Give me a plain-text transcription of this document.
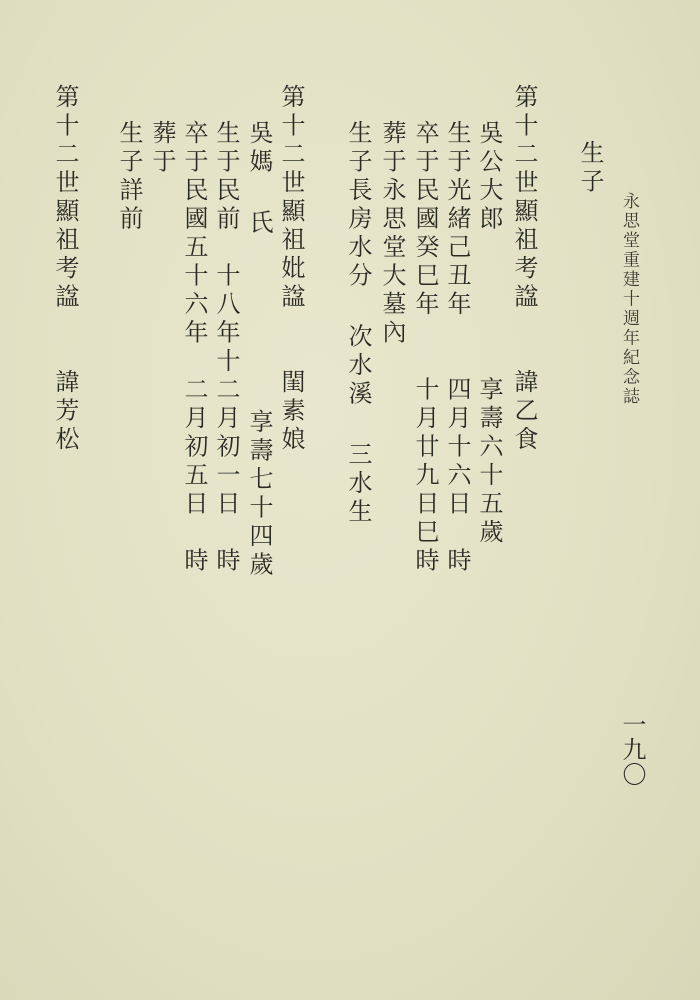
永思堂重建十週年紀念誌
生子
第十二世顯祖考諡　　諱乙食
吳公大郎　　　　　享壽六十五歲
生于光緒己丑年　　四月十六日　時
卒于民國癸巳年　　十月廿九日巳時
葬于永思堂大墓內
生子長房水分 次水溪 三水生
第十二世顯祖妣諡　　閨素娘
吳媽 氏　　　　　　享壽七十四歲
生于民前　十八年十二月初一日　時
卒于民國五十六年　二月初五日　時
葬于
生子詳前
第十二世顯祖考諡　　諱芳松
一九〇
